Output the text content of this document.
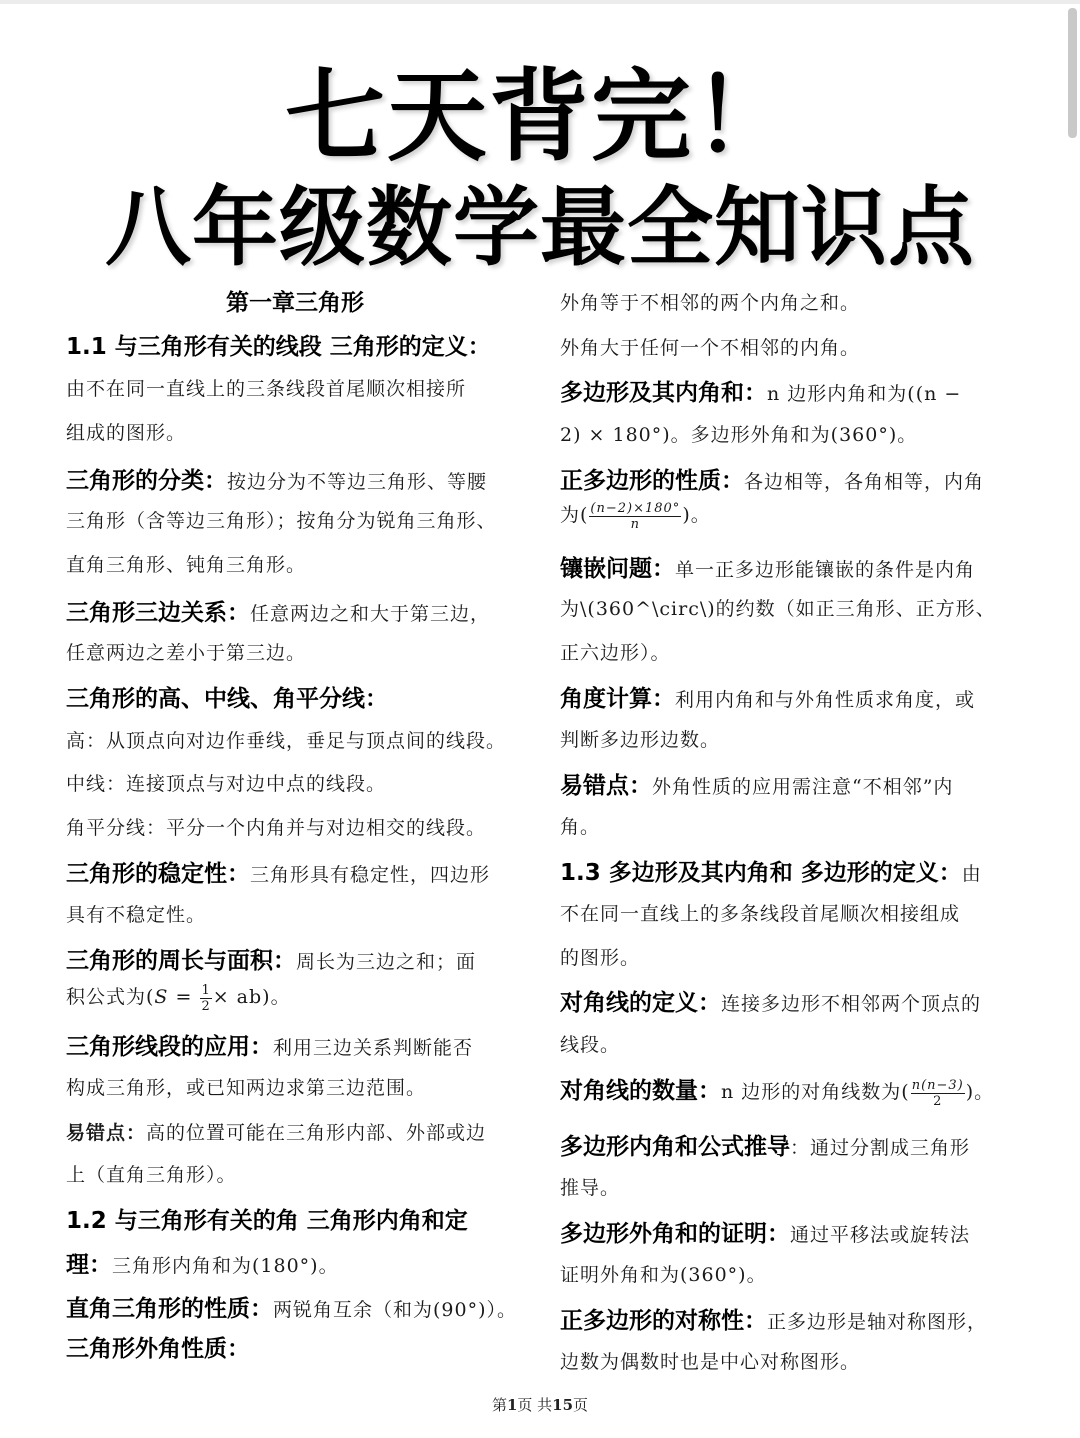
七天背完！
八年级数学最全知识点
第一章三角形
1.1 与三角形有关的线段 三角形的定义：
由不在同一直线上的三条线段首尾顺次相接所
组成的图形。
三角形的分类：按边分为不等边三角形、等腰
三角形（含等边三角形）；按角分为锐角三角形、
直角三角形、钝角三角形。
三角形三边关系：任意两边之和大于第三边，
任意两边之差小于第三边。
三角形的高、中线、角平分线：
高：从顶点向对边作垂线，垂足与顶点间的线段。
中线：连接顶点与对边中点的线段。
角平分线：平分一个内角并与对边相交的线段。
三角形的稳定性：三角形具有稳定性，四边形
具有不稳定性。
三角形的周长与面积：周长为三边之和；面
积公式为$(S = \frac{1}{2} \times ab)$。
三角形线段的应用：利用三边关系判断能否
构成三角形，或已知两边求第三边范围。
易错点：高的位置可能在三角形内部、外部或边
上（直角三角形）。
1.2 与三角形有关的角 三角形内角和定
理：三角形内角和为(180°)。
直角三角形的性质：两锐角互余（和为(90°)）。
三角形外角性质：
外角等于不相邻的两个内角之和。
外角大于任何一个不相邻的内角。
多边形及其内角和：n 边形内角和为((n −
2) × 180°)。多边形外角和为(360°)。
正多边形的性质：各边相等，各角相等，内角
为( $\frac{(n-2)\times 180^\circ}{n}$ )。
镶嵌问题：单一正多边形能镶嵌的条件是内角
为\(360^\circ\)的约数（如正三角形、正方形、
正六边形）。
角度计算：利用内角和与外角性质求角度，或
判断多边形边数。
易错点：外角性质的应用需注意“不相邻”内
角。
1.3 多边形及其内角和 多边形的定义：由
不在同一直线上的多条线段首尾顺次相接组成
的图形。
对角线的定义：连接多边形不相邻两个顶点的
线段。
对角线的数量：n 边形的对角线数为( $\frac{n(n-3)}{2}$ )。
多边形内角和公式推导：通过分割成三角形
推导。
多边形外角和的证明：通过平移法或旋转法
证明外角和为(360°)。
正多边形的对称性：正多边形是轴对称图形，
边数为偶数时也是中心对称图形。
第1页 共15页
